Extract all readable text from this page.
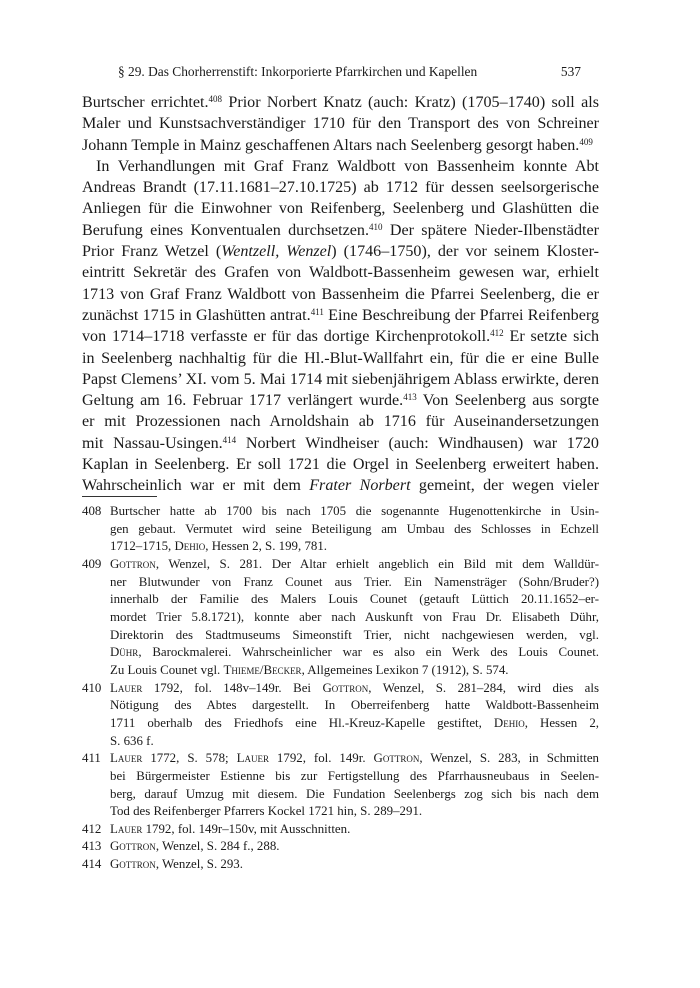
§ 29. Das Chorherrenstift: Inkorporierte Pfarrkirchen und Kapellen	537
Burtscher errichtet.$^{408}$ Prior Norbert Knatz (auch: Kratz) (1705–1740) soll als
Maler und Kunstsachverständiger 1710 für den Transport des von Schreiner
Johann Temple in Mainz geschaffenen Altars nach Seelenberg gesorgt haben.$^{409}$
In Verhandlungen mit Graf Franz Waldbott von Bassenheim konnte Abt
Andreas Brandt (17.11.1681–27.10.1725) ab 1712 für dessen seelsorgerische
Anliegen für die Einwohner von Reifenberg, Seelenberg und Glashütten die
Berufung eines Konventualen durchsetzen.$^{410}$ Der spätere Nieder-Ilbenstädter
Prior Franz Wetzel (Wentzell, Wenzel) (1746–1750), der vor seinem Kloster-
eintritt Sekretär des Grafen von Waldbott-Bassenheim gewesen war, erhielt
1713 von Graf Franz Waldbott von Bassenheim die Pfarrei Seelenberg, die er
zunächst 1715 in Glashütten antrat.$^{411}$ Eine Beschreibung der Pfarrei Reifenberg
von 1714–1718 verfasste er für das dortige Kirchenprotokoll.$^{412}$ Er setzte sich
in Seelenberg nachhaltig für die Hl.-Blut-Wallfahrt ein, für die er eine Bulle
Papst Clemens’ XI. vom 5. Mai 1714 mit siebenjährigem Ablass erwirkte, deren
Geltung am 16. Februar 1717 verlängert wurde.$^{413}$ Von Seelenberg aus sorgte
er mit Prozessionen nach Arnoldshain ab 1716 für Auseinandersetzungen
mit Nassau-Usingen.$^{414}$ Norbert Windheiser (auch: Windhausen) war 1720
Kaplan in Seelenberg. Er soll 1721 die Orgel in Seelenberg erweitert haben.
Wahrscheinlich war er mit dem Frater Norbert gemeint, der wegen vieler
408 Burtscher hatte ab 1700 bis nach 1705 die sogenannte Hugenottenkirche in Usin-
gen gebaut. Vermutet wird seine Beteiligung am Umbau des Schlosses in Echzell
1712–1715, Dehio, Hessen 2, S. 199, 781.
409 Gottron, Wenzel, S. 281. Der Altar erhielt angeblich ein Bild mit dem Walldür-
ner Blutwunder von Franz Counet aus Trier. Ein Namensträger (Sohn/Bruder?)
innerhalb der Familie des Malers Louis Counet (getauft Lüttich 20.11.1652–er-
mordet Trier 5.8.1721), konnte aber nach Auskunft von Frau Dr. Elisabeth Dühr,
Direktorin des Stadtmuseums Simeonstift Trier, nicht nachgewiesen werden, vgl.
Dühr, Barockmalerei. Wahrscheinlicher war es also ein Werk des Louis Counet.
Zu Louis Counet vgl. Thieme/Becker, Allgemeines Lexikon 7 (1912), S. 574.
410 Lauer 1792, fol. 148v–149r. Bei Gottron, Wenzel, S. 281–284, wird dies als
Nötigung des Abtes dargestellt. In Oberreifenberg hatte Waldbott-Bassenheim
1711 oberhalb des Friedhofs eine Hl.-Kreuz-Kapelle gestiftet, Dehio, Hessen 2,
S. 636 f.
411 Lauer 1772, S. 578; Lauer 1792, fol. 149r. Gottron, Wenzel, S. 283, in Schmitten
bei Bürgermeister Estienne bis zur Fertigstellung des Pfarrhausneubaus in Seelen-
berg, darauf Umzug mit diesem. Die Fundation Seelenbergs zog sich bis nach dem
Tod des Reifenberger Pfarrers Kockel 1721 hin, S. 289–291.
412 Lauer 1792, fol. 149r–150v, mit Ausschnitten.
413 Gottron, Wenzel, S. 284 f., 288.
414 Gottron, Wenzel, S. 293.
